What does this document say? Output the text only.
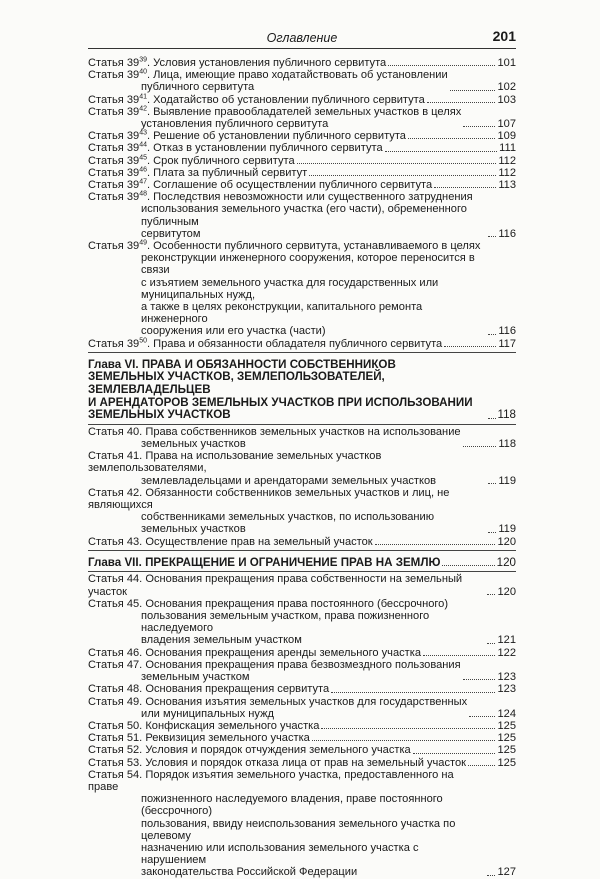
Оглавление	201
Статья $39^{39}$. Условия установления публичного сервитута	101
Статья $39^{40}$. Лица, имеющие право ходатайствовать об установлении
публичного сервитута	102
Статья $39^{41}$. Ходатайство об установлении публичного сервитута	103
Статья $39^{42}$. Выявление правообладателей земельных участков в целях
установления публичного сервитута	107
Статья $39^{43}$. Решение об установлении публичного сервитута	109
Статья $39^{44}$. Отказ в установлении публичного сервитута	111
Статья $39^{45}$. Срок публичного сервитута	112
Статья $39^{46}$. Плата за публичный сервитут	112
Статья $39^{47}$. Соглашение об осуществлении публичного сервитута	113
Статья $39^{48}$. Последствия невозможности или существенного затруднения
использования земельного участка (его части), обремененного публичным
сервитутом	116
Статья $39^{49}$. Особенности публичного сервитута, устанавливаемого в целях
реконструкции инженерного сооружения, которое переносится в связи
с изъятием земельного участка для государственных или муниципальных нужд,
а также в целях реконструкции, капитального ремонта инженерного
сооружения или его участка (части)	116
Статья $39^{50}$. Права и обязанности обладателя публичного сервитута	117
Глава VI. ПРАВА И ОБЯЗАННОСТИ СОБСТВЕННИКОВ
ЗЕМЕЛЬНЫХ УЧАСТКОВ, ЗЕМЛЕПОЛЬЗОВАТЕЛЕЙ, ЗЕМЛЕВЛАДЕЛЬЦЕВ
И АРЕНДАТОРОВ ЗЕМЕЛЬНЫХ УЧАСТКОВ ПРИ ИСПОЛЬЗОВАНИИ
ЗЕМЕЛЬНЫХ УЧАСТКОВ	118
Статья 40. Права собственников земельных участков на использование
земельных участков	118
Статья 41. Права на использование земельных участков землепользователями,
землевладельцами и арендаторами земельных участков	119
Статья 42. Обязанности собственников земельных участков и лиц, не являющихся
собственниками земельных участков, по использованию земельных участков	119
Статья 43. Осуществление прав на земельный участок	120
Глава VII. ПРЕКРАЩЕНИЕ И ОГРАНИЧЕНИЕ ПРАВ НА ЗЕМЛЮ	120
Статья 44. Основания прекращения права собственности на земельный участок	120
Статья 45. Основания прекращения права постоянного (бессрочного)
пользования земельным участком, права пожизненного наследуемого
владения земельным участком	121
Статья 46. Основания прекращения аренды земельного участка	122
Статья 47. Основания прекращения права безвозмездного пользования
земельным участком	123
Статья 48. Основания прекращения сервитута	123
Статья 49. Основания изъятия земельных участков для государственных
или муниципальных нужд	124
Статья 50. Конфискация земельного участка	125
Статья 51. Реквизиция земельного участка	125
Статья 52. Условия и порядок отчуждения земельного участка	125
Статья 53. Условия и порядок отказа лица от прав на земельный участок	125
Статья 54. Порядок изъятия земельного участка, предоставленного на праве
пожизненного наследуемого владения, праве постоянного (бессрочного)
пользования, ввиду неиспользования земельного участка по целевому
назначению или использования земельного участка с нарушением
законодательства Российской Федерации	127
